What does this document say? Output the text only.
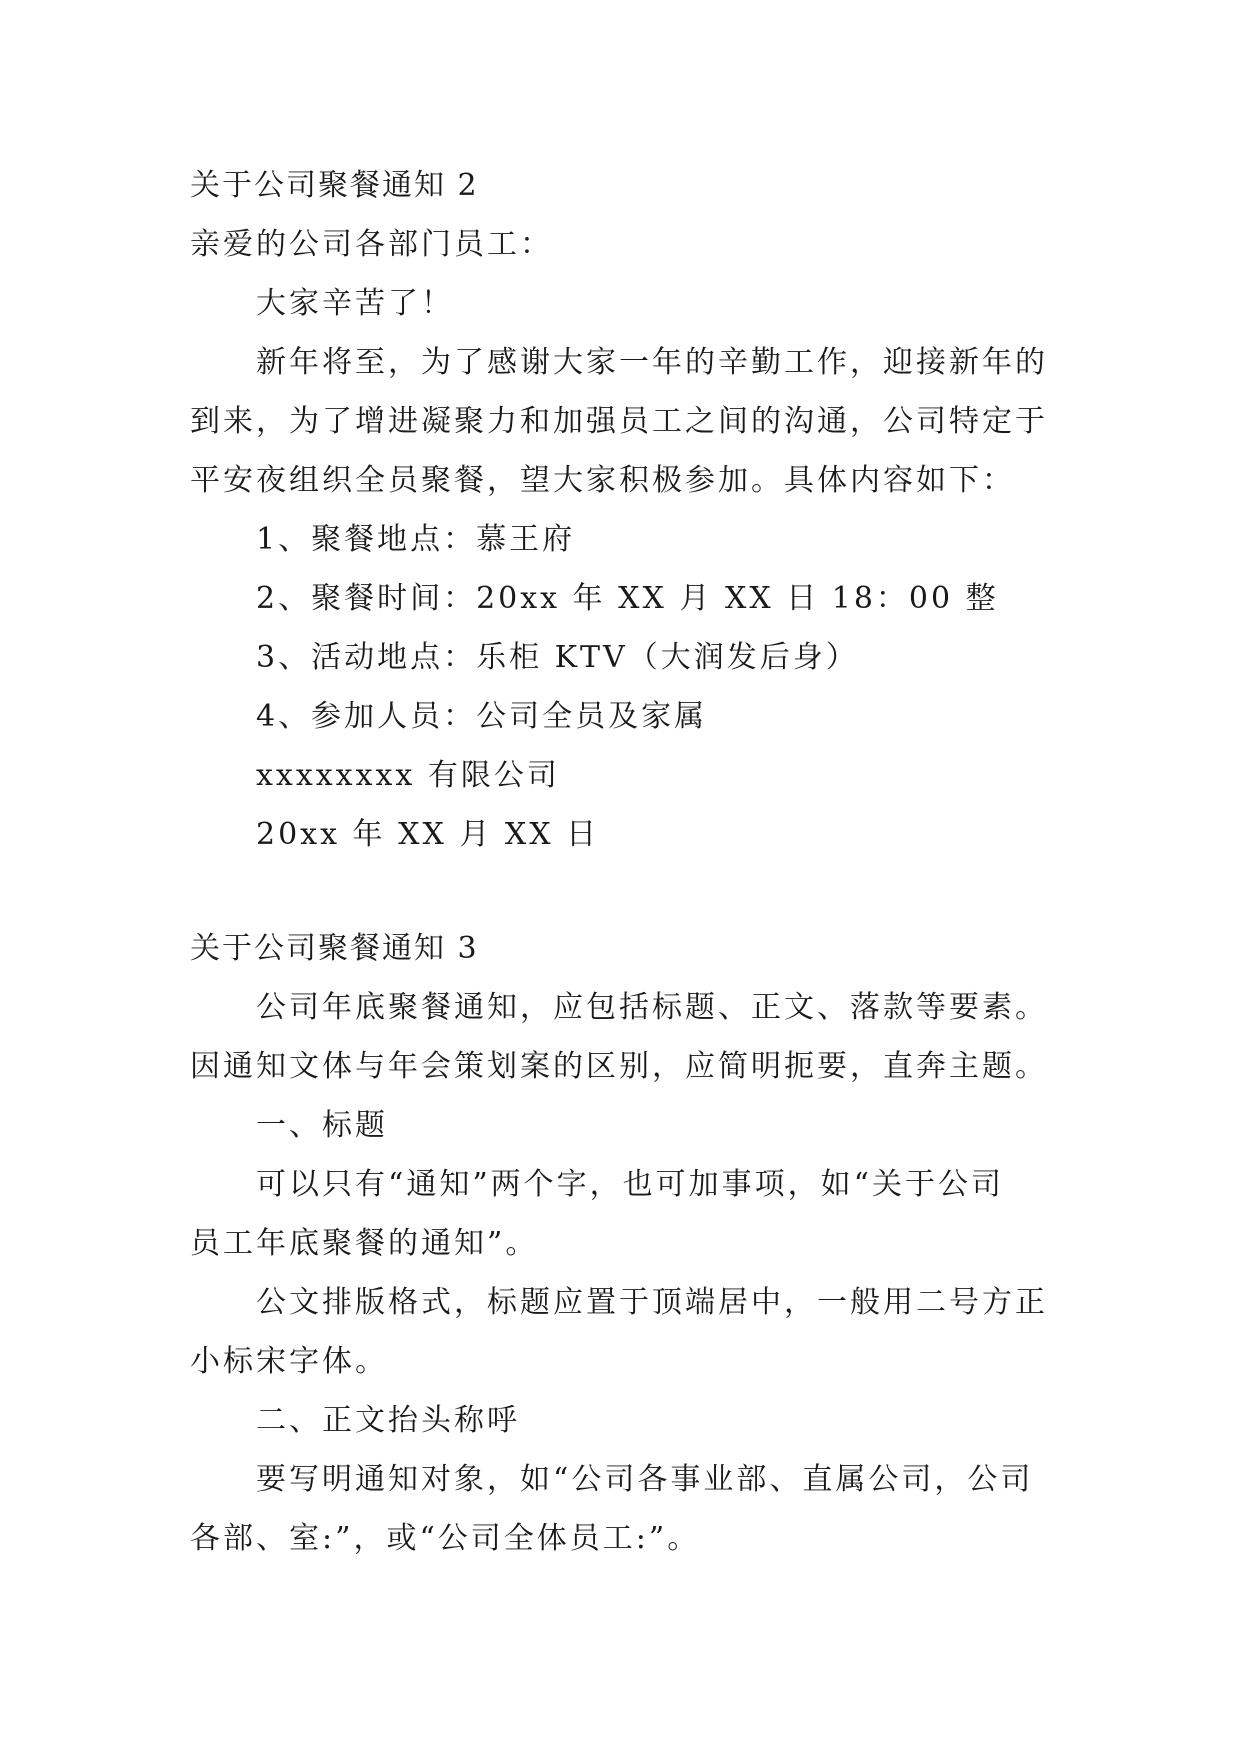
关于公司聚餐通知 2
亲爱的公司各部门员工：
大家辛苦了！
新年将至，为了感谢大家一年的辛勤工作，迎接新年的
到来，为了增进凝聚力和加强员工之间的沟通，公司特定于
平安夜组织全员聚餐，望大家积极参加。具体内容如下：
1、聚餐地点：慕王府
2、聚餐时间：20xx 年 XX 月 XX 日 18：00 整
3、活动地点：乐柜 KTV（大润发后身）
4、参加人员：公司全员及家属
xxxxxxxx 有限公司
20xx 年 XX 月 XX 日
关于公司聚餐通知 3
公司年底聚餐通知，应包括标题、正文、落款等要素。
因通知文体与年会策划案的区别，应简明扼要，直奔主题。
一、标题
可以只有“通知”两个字，也可加事项，如“关于公司
员工年底聚餐的通知”。
公文排版格式，标题应置于顶端居中，一般用二号方正
小标宋字体。
二、正文抬头称呼
要写明通知对象，如“公司各事业部、直属公司，公司
各部、室:”，或“公司全体员工:”。
